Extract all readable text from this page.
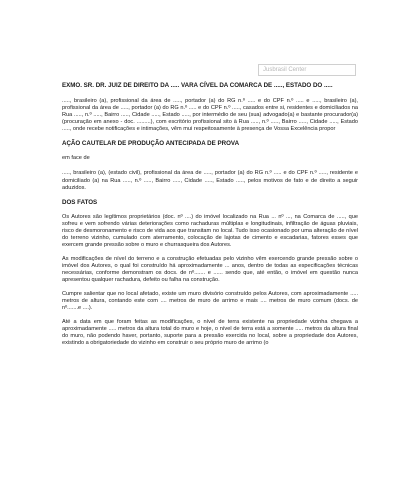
Jusbrasil Center

EXMO. SR. DR. JUIZ DE DIREITO DA ..... VARA CÍVEL DA COMARCA DE ....., ESTADO DO .....

....., brasileiro (a), profissional da área de ....., portador (a) do RG n.º ..... e do CPF n.º ..... e ....., brasileiro (a), profissional da área de ....., portador (a) do RG n.º ..... e do CPF n.º ....., casados entre si, residentes e domiciliados na Rua ....., n.º ....., Bairro ....., Cidade ....., Estado ....., por intermédio de seu (sua) advogado(a) e bastante procurador(a) (procuração em anexo - doc. .........), com escritório profissional sito à Rua ....., n.º ....., Bairro ....., Cidade ....., Estado ....., onde recebe notificações e intimações, vêm mui respeitosamente à presença de Vossa Excelência propor

AÇÃO CAUTELAR DE PRODUÇÃO ANTECIPADA DE PROVA

em face de

....., brasileiro (a), (estado civil), profissional da área de ....., portador (a) do RG n.º ..... e do CPF n.º ....., residente e domiciliado (a) na Rua ....., n.º ....., Bairro ....., Cidade ....., Estado ....., pelos motivos de fato e de direito a seguir aduzidos.

DOS FATOS

Os Autores são legítimos proprietários (doc. nº ....) do imóvel localizado na Rua ... nº ..., na Comarca de ....., que sofreu e vem sofrendo várias deteriorações como rachaduras múltiplas e longitudinais, infiltração de águas pluviais, risco de desmoronamento e risco de vida aos que transitam no local. Tudo isso ocasionado por uma alteração de nível do terreno vizinho, cumulado com aterramento, colocação de lajotas de cimento e escadarias, fatores esses que exercem grande pressão sobre o muro e churrasqueira dos Autores.

As modificações de nível do terreno e a construção efetuadas pelo vizinho vêm exercendo grande pressão sobre o imóvel dos Autores, o qual foi construído há aproximadamente ... anos, dentro de todas as especificações técnicas necessárias, conforme demonstram os docs. de nº....... e ...... sendo que, até então, o imóvel em questão nunca apresentou qualquer rachadura, defeito ou falha na construção.

Cumpre salientar que no local afetado, existe um muro divisório construído pelos Autores, com aproximadamente ..... metros de altura, contando este com .... metros de muro de arrimo e mais .... metros de muro comum (docs. de nº.......e ....).

Até a data em que foram feitas as modificações, o nível de terra existente na propriedade vizinha chegava a aproximadamente ..... metros da altura total do muro e hoje, o nível de terra está a somente ..... metros da altura final do muro, não podendo haver, portanto, suporte para a pressão exercida no local, sobre a propriedade dos Autores, existindo a obrigatoriedade do vizinho em construir o seu próprio muro de arrimo (o
